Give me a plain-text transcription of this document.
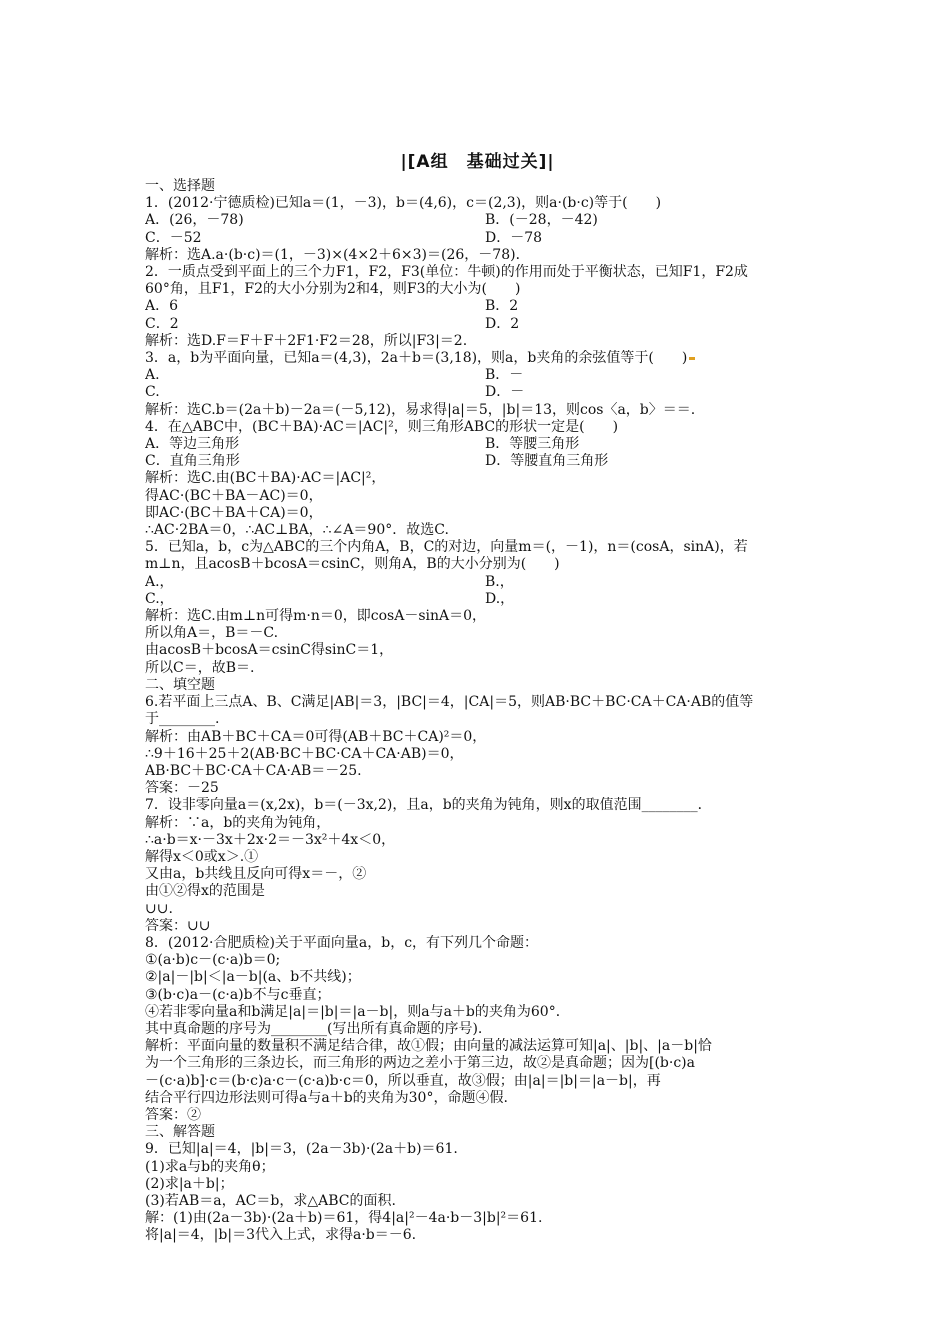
|[A组　基础过关]|
一、选择题
1．(2012·宁德质检)已知a＝(1，－3)，b＝(4,6)，c＝(2,3)，则a·(b·c)等于(　　)
A．(26，－78)	B．(－28，－42)
C．－52	D．－78
解析：选A.a·(b·c)＝(1，－3)×(4×2＋6×3)＝(26，－78)．
2．一质点受到平面上的三个力F1，F2，F3(单位：牛顿)的作用而处于平衡状态，已知F1，F2成
60°角，且F1，F2的大小分别为2和4，则F3的大小为(　　)
A．6	B．2
C．2	D．2
解析：选D.F＝F＋F＋2F1·F2＝28，所以|F3|＝2.
3．a，b为平面向量，已知a＝(4,3)，2a＋b＝(3,18)，则a，b夹角的余弦值等于(　　)
A.	B．－
C.	D．－
解析：选C.b＝(2a＋b)－2a＝(－5,12)，易求得|a|＝5，|b|＝13，则cos〈a，b〉＝＝.
4．在△ABC中，(BC＋BA)·AC＝|AC|²，则三角形ABC的形状一定是(　　)
A．等边三角形	B．等腰三角形
C．直角三角形	D．等腰直角三角形
解析：选C.由(BC＋BA)·AC＝|AC|²，
得AC·(BC＋BA－AC)＝0，
即AC·(BC＋BA＋CA)＝0，
∴AC·2BA＝0，∴AC⊥BA，∴∠A＝90°．故选C.
5．已知a，b，c为△ABC的三个内角A，B，C的对边，向量m＝(，－1)，n＝(cosA，sinA)，若
m⊥n，且acosB＋bcosA＝csinC，则角A，B的大小分别为(　　)
A.，	B.，
C.，	D.，
解析：选C.由m⊥n可得m·n＝0，即cosA－sinA＝0，
所以角A＝，B＝－C.
由acosB＋bcosA＝csinC得sinC＝1，
所以C＝，故B＝.
二、填空题
6.若平面上三点A、B、C满足|AB|＝3，|BC|＝4，|CA|＝5，则AB·BC＋BC·CA＋CA·AB的值等
于________.
解析：由AB＋BC＋CA＝0可得(AB＋BC＋CA)²＝0，
∴9＋16＋25＋2(AB·BC＋BC·CA＋CA·AB)＝0，
AB·BC＋BC·CA＋CA·AB＝－25.
答案：－25
7．设非零向量a＝(x,2x)，b＝(－3x,2)，且a，b的夹角为钝角，则x的取值范围________．
解析：∵a，b的夹角为钝角，
∴a·b＝x·－3x＋2x·2＝－3x²＋4x＜0，
解得x＜0或x＞.①
又由a，b共线且反向可得x＝－，②
由①②得x的范围是
∪∪.
答案：∪∪
8．(2012·合肥质检)关于平面向量a，b，c，有下列几个命题：
①(a·b)c－(c·a)b＝0;
②|a|－|b|＜|a－b|(a、b不共线)；
③(b·c)a－(c·a)b不与c垂直；
④若非零向量a和b满足|a|＝|b|＝|a－b|，则a与a＋b的夹角为60°．
其中真命题的序号为________(写出所有真命题的序号).
解析：平面向量的数量积不满足结合律，故①假；由向量的减法运算可知|a|、|b|、|a－b|恰
为一个三角形的三条边长，而三角形的两边之差小于第三边，故②是真命题；因为[(b·c)a
－(c·a)b]·c＝(b·c)a·c－(c·a)b·c＝0，所以垂直，故③假；由|a|＝|b|＝|a－b|，再
结合平行四边形法则可得a与a＋b的夹角为30°，命题④假.
答案：②
三、解答题
9．已知|a|＝4，|b|＝3，(2a－3b)·(2a＋b)＝61.
(1)求a与b的夹角θ；
(2)求|a＋b|；
(3)若AB＝a，AC＝b，求△ABC的面积.
解：(1)由(2a－3b)·(2a＋b)＝61，得4|a|²－4a·b－3|b|²＝61.
将|a|＝4，|b|＝3代入上式，求得a·b＝－6.
